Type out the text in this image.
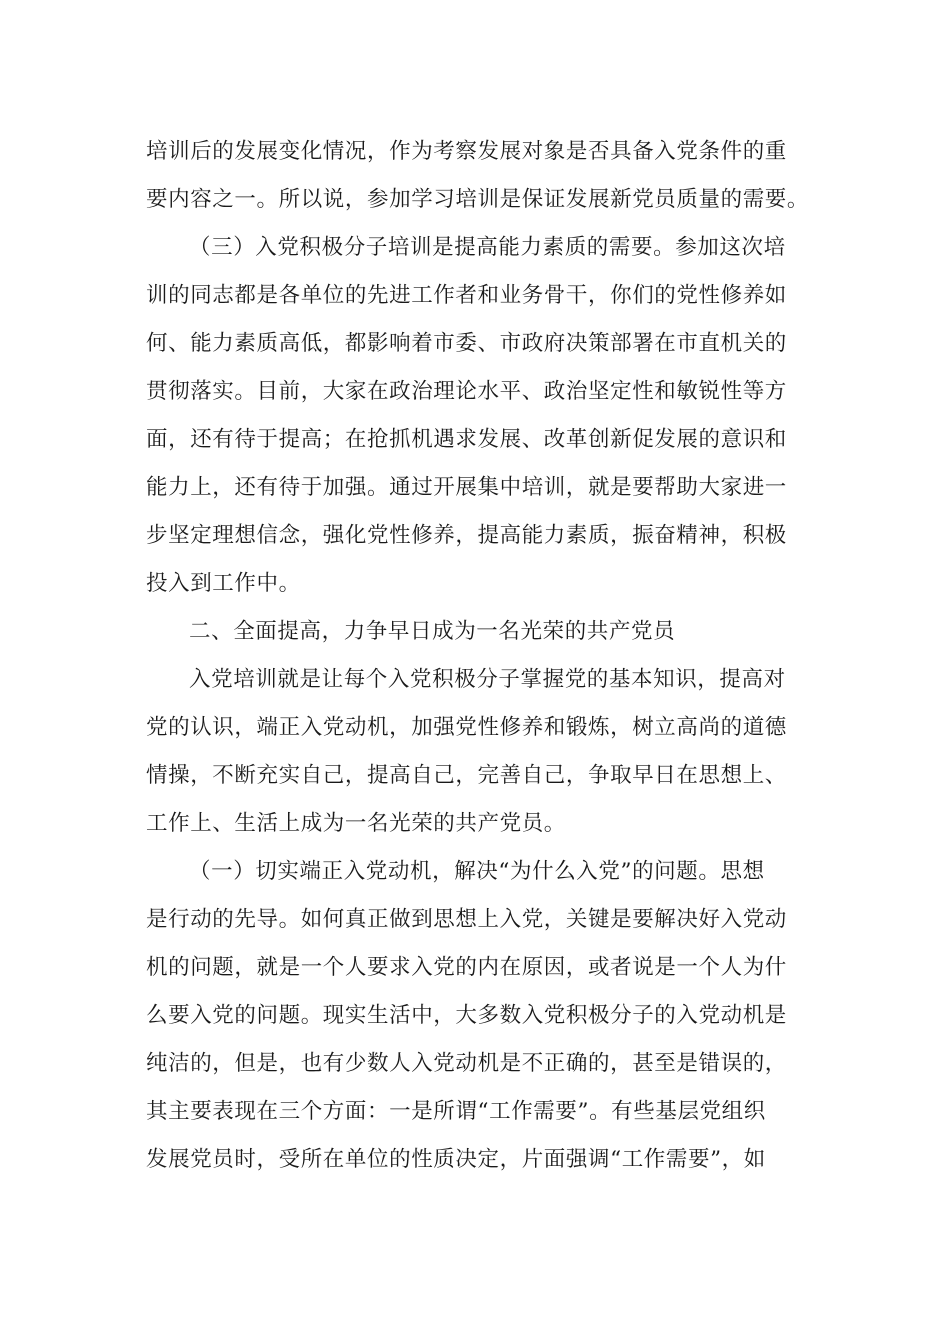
培训后的发展变化情况，作为考察发展对象是否具备入党条件的重
要内容之一。所以说，参加学习培训是保证发展新党员质量的需要。
（三）入党积极分子培训是提高能力素质的需要。参加这次培
训的同志都是各单位的先进工作者和业务骨干，你们的党性修养如
何、能力素质高低，都影响着市委、市政府决策部署在市直机关的
贯彻落实。目前，大家在政治理论水平、政治坚定性和敏锐性等方
面，还有待于提高；在抢抓机遇求发展、改革创新促发展的意识和
能力上，还有待于加强。通过开展集中培训，就是要帮助大家进一
步坚定理想信念，强化党性修养，提高能力素质，振奋精神，积极
投入到工作中。
二、全面提高，力争早日成为一名光荣的共产党员
入党培训就是让每个入党积极分子掌握党的基本知识，提高对
党的认识，端正入党动机，加强党性修养和锻炼，树立高尚的道德
情操，不断充实自己，提高自己，完善自己，争取早日在思想上、
工作上、生活上成为一名光荣的共产党员。
（一）切实端正入党动机，解决“为什么入党”的问题。思想
是行动的先导。如何真正做到思想上入党，关键是要解决好入党动
机的问题，就是一个人要求入党的内在原因，或者说是一个人为什
么要入党的问题。现实生活中，大多数入党积极分子的入党动机是
纯洁的，但是，也有少数人入党动机是不正确的，甚至是错误的，
其主要表现在三个方面：一是所谓“工作需要”。有些基层党组织
发展党员时，受所在单位的性质决定，片面强调“工作需要”，如
